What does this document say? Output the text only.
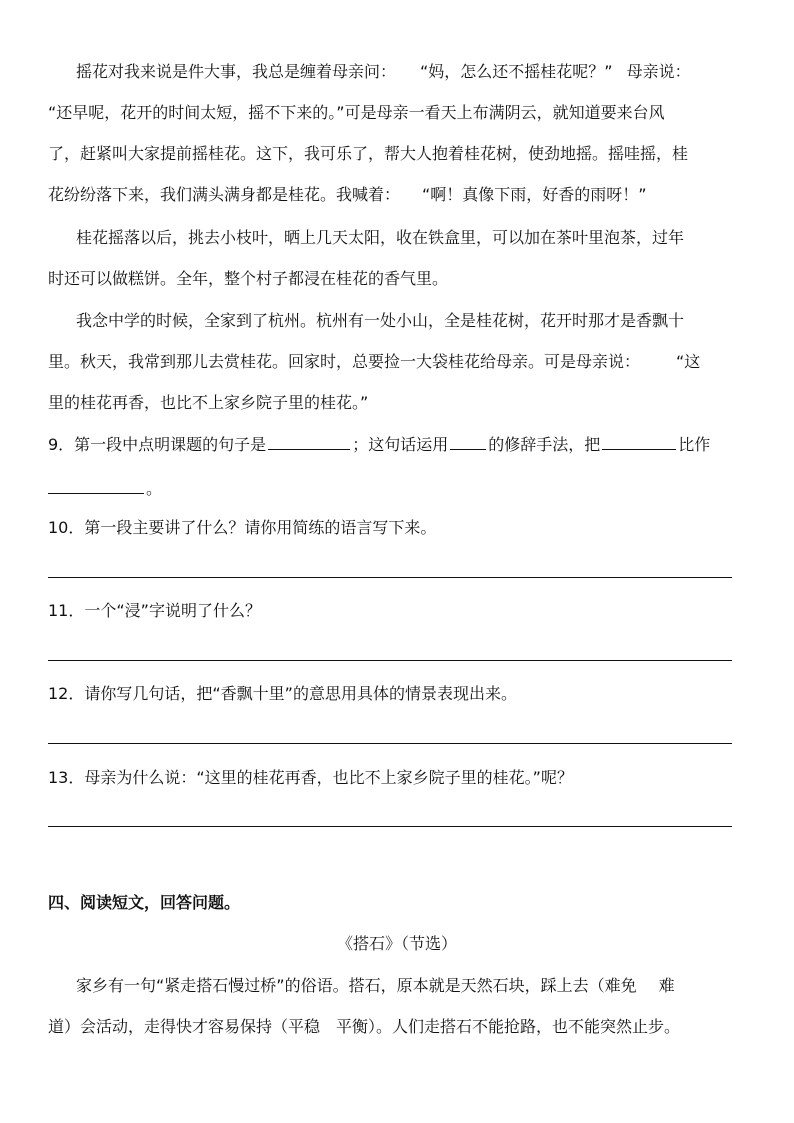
摇花对我来说是件大事，我总是缠着母亲问： “妈，怎么还不摇桂花呢？” 母亲说：
“还早呢，花开的时间太短，摇不下来的。”可是母亲一看天上布满阴云，就知道要来台风
了，赶紧叫大家提前摇桂花。这下，我可乐了，帮大人抱着桂花树，使劲地摇。摇哇摇，桂
花纷纷落下来，我们满头满身都是桂花。我喊着： “啊！真像下雨，好香的雨呀！”
桂花摇落以后，挑去小枝叶，晒上几天太阳，收在铁盒里，可以加在茶叶里泡茶，过年
时还可以做糕饼。全年，整个村子都浸在桂花的香气里。
我念中学的时候，全家到了杭州。杭州有一处小山，全是桂花树，花开时那才是香飘十
里。秋天，我常到那儿去赏桂花。回家时，总要捡一大袋桂花给母亲。可是母亲说： “这
里的桂花再香，也比不上家乡院子里的桂花。”
9．第一段中点明课题的句子是	；这句话运用	的修辞手法，把	比作
。
10．第一段主要讲了什么？请你用简练的语言写下来。
11．一个“浸”字说明了什么？
12．请你写几句话，把“香飘十里”的意思用具体的情景表现出来。
13．母亲为什么说：“这里的桂花再香，也比不上家乡院子里的桂花。”呢？
四、阅读短文，回答问题。
《搭石》（节选）
家乡有一句“紧走搭石慢过桥”的俗语。搭石，原本就是天然石块，踩上去（难免 难
道）会活动，走得快才容易保持（平稳　平衡）。人们走搭石不能抢路，也不能突然止步。
